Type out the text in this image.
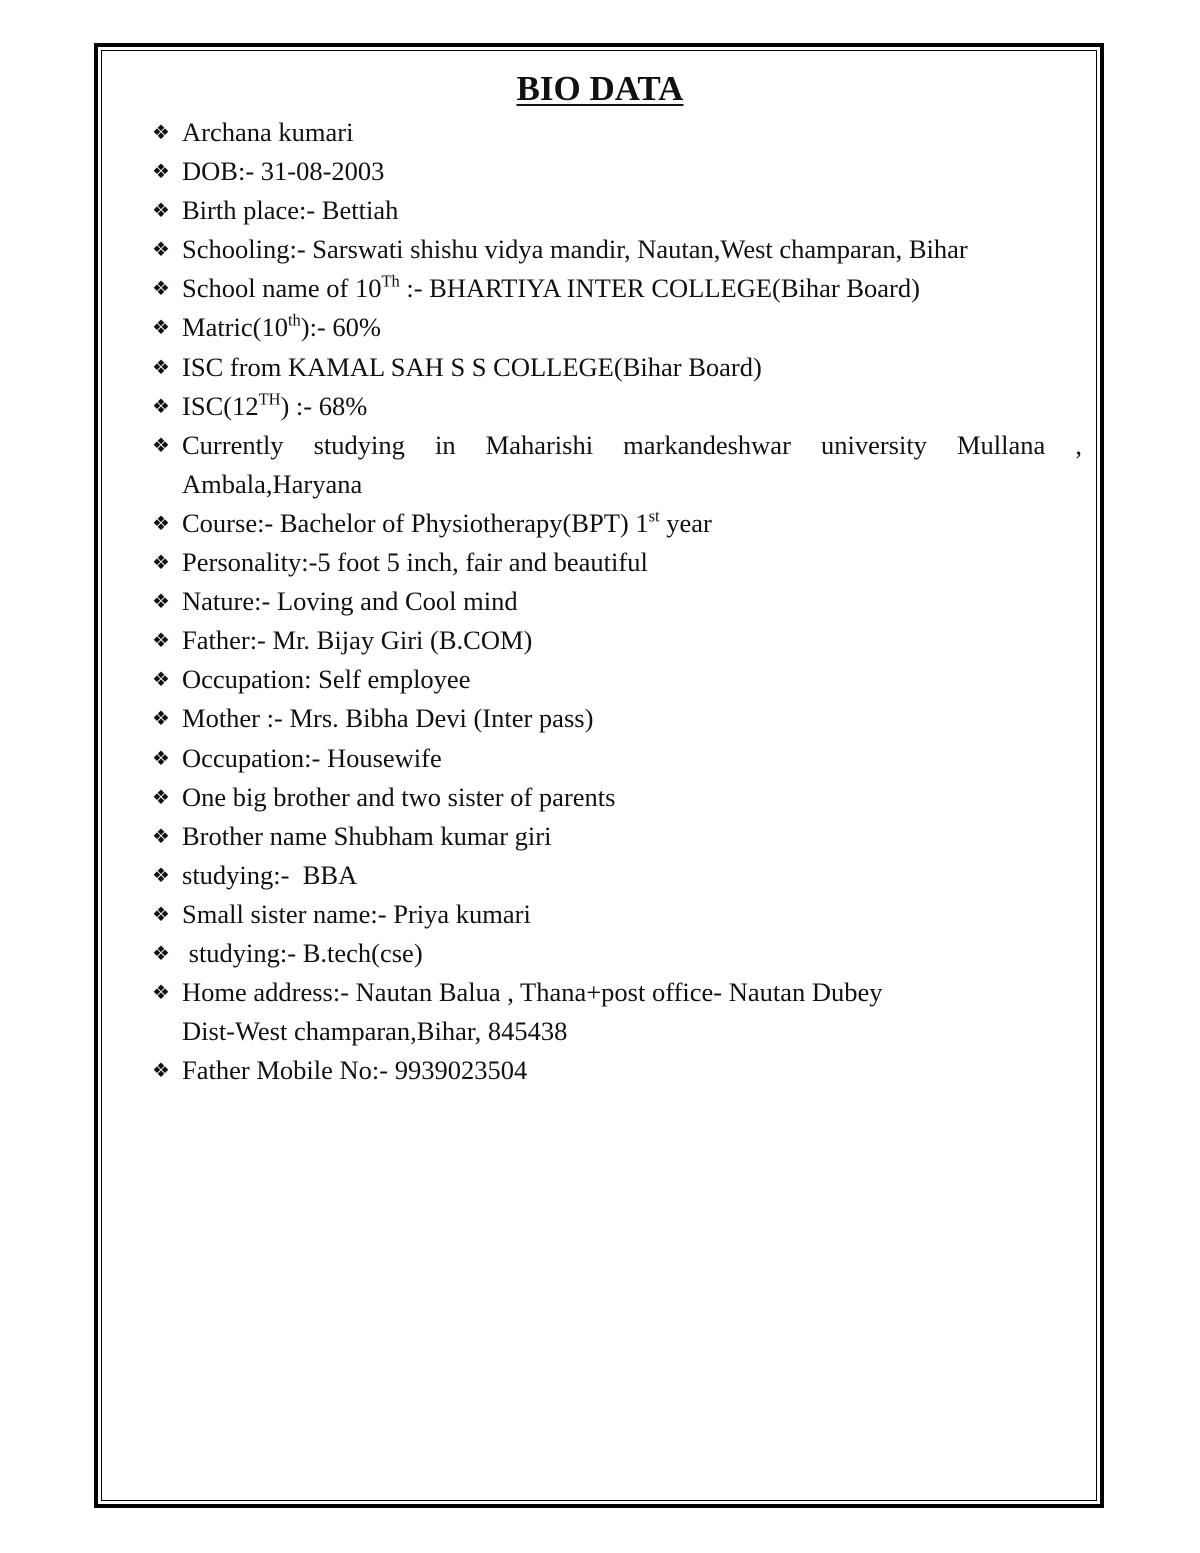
BIO DATA
❖ Archana kumari
❖ DOB:- 31-08-2003
❖ Birth place:- Bettiah
❖ Schooling:- Sarswati shishu vidya mandir, Nautan,West champaran, Bihar
❖ School name of 10Th :- BHARTIYA INTER COLLEGE(Bihar Board)
❖ Matric(10th):- 60%
❖ ISC from KAMAL SAH S S COLLEGE(Bihar Board)
❖ ISC(12TH) :- 68%
❖ Currently studying in Maharishi markandeshwar university Mullana , Ambala,Haryana
❖ Course:- Bachelor of Physiotherapy(BPT) 1st year
❖ Personality:-5 foot 5 inch, fair and beautiful
❖ Nature:- Loving and Cool mind
❖ Father:- Mr. Bijay Giri (B.COM)
❖ Occupation: Self employee
❖ Mother :- Mrs. Bibha Devi (Inter pass)
❖ Occupation:- Housewife
❖ One big brother and two sister of parents
❖ Brother name Shubham kumar giri
❖ studying:-  BBA
❖ Small sister name:- Priya kumari
❖ studying:- B.tech(cse)
❖ Home address:- Nautan Balua , Thana+post office- Nautan Dubey
Dist-West champaran,Bihar, 845438
❖ Father Mobile No:- 9939023504
